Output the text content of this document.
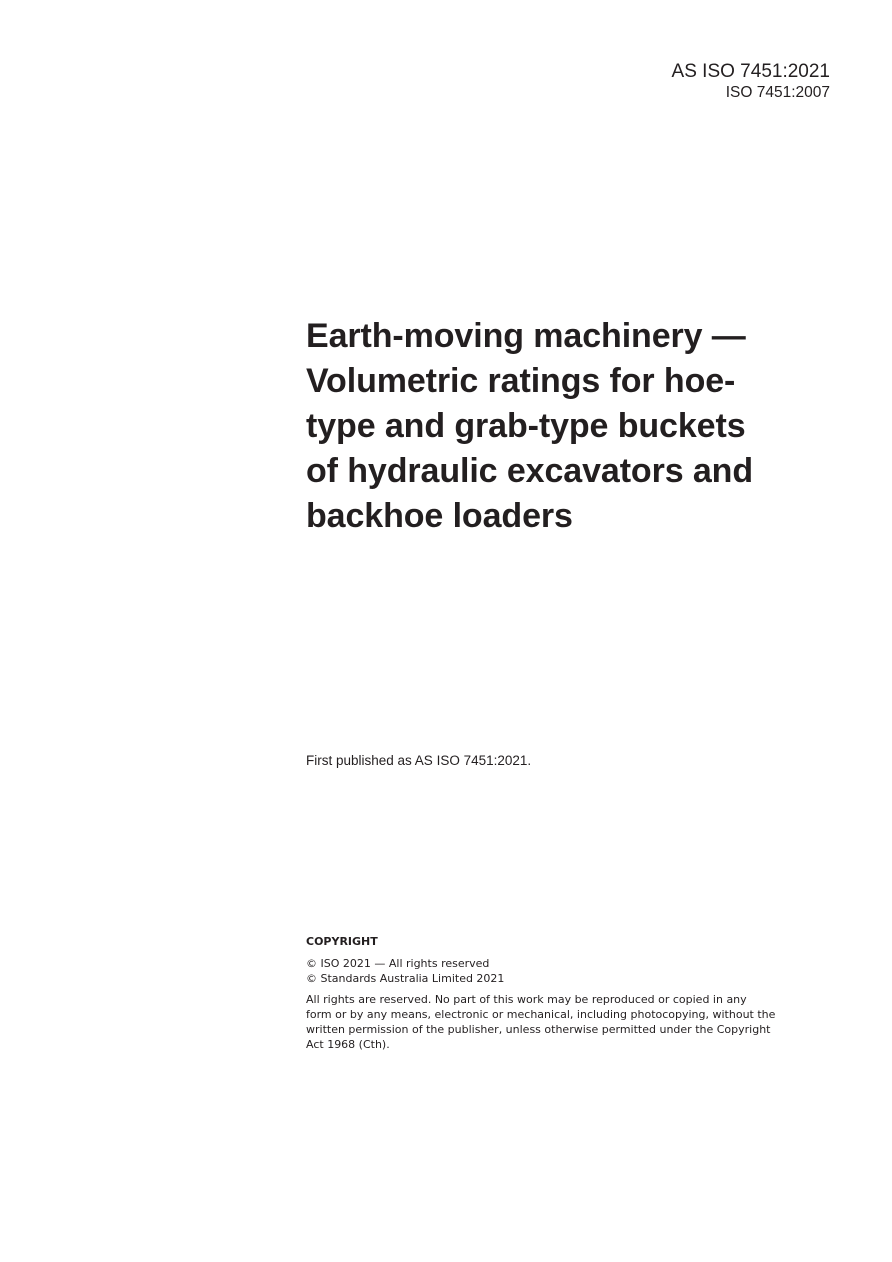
AS ISO 7451:2021
ISO 7451:2007
Earth-moving machinery —
Volumetric ratings for hoe-
type and grab-type buckets
of hydraulic excavators and
backhoe loaders
First published as AS ISO 7451:2021.
COPYRIGHT
© ISO 2021 — All rights reserved
© Standards Australia Limited 2021
All rights are reserved. No part of this work may be reproduced or copied in any
form or by any means, electronic or mechanical, including photocopying, without the
written permission of the publisher, unless otherwise permitted under the Copyright
Act 1968 (Cth).
